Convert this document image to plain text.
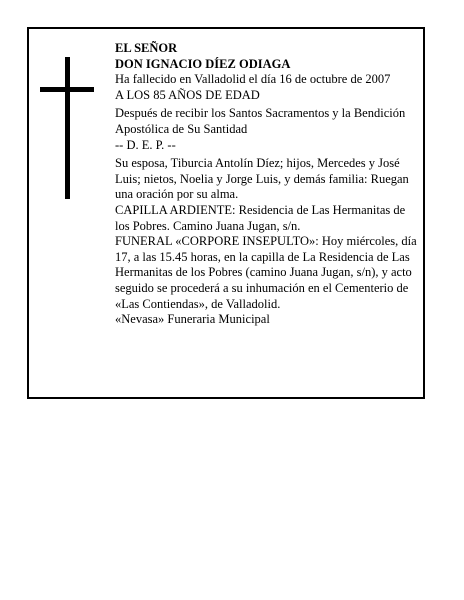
EL SEÑOR
DON IGNACIO DÍEZ ODIAGA
Ha fallecido en Valladolid el día 16 de octubre de 2007
A LOS 85 AÑOS DE EDAD
Después de recibir los Santos Sacramentos y la Bendición Apostólica de Su Santidad
-- D. E. P. --
Su esposa, Tiburcia Antolín Díez; hijos, Mercedes y José Luis; nietos, Noelia y Jorge Luis, y demás familia: Ruegan una oración por su alma.
CAPILLA ARDIENTE: Residencia de Las Hermanitas de los Pobres. Camino Juana Jugan, s/n.
FUNERAL «CORPORE INSEPULTO»: Hoy miércoles, día 17, a las 15.45 horas, en la capilla de La Residencia de Las Hermanitas de los Pobres (camino Juana Jugan, s/n), y acto seguido se procederá a su inhumación en el Cementerio de «Las Contiendas», de Valladolid.
«Nevasa» Funeraria Municipal
